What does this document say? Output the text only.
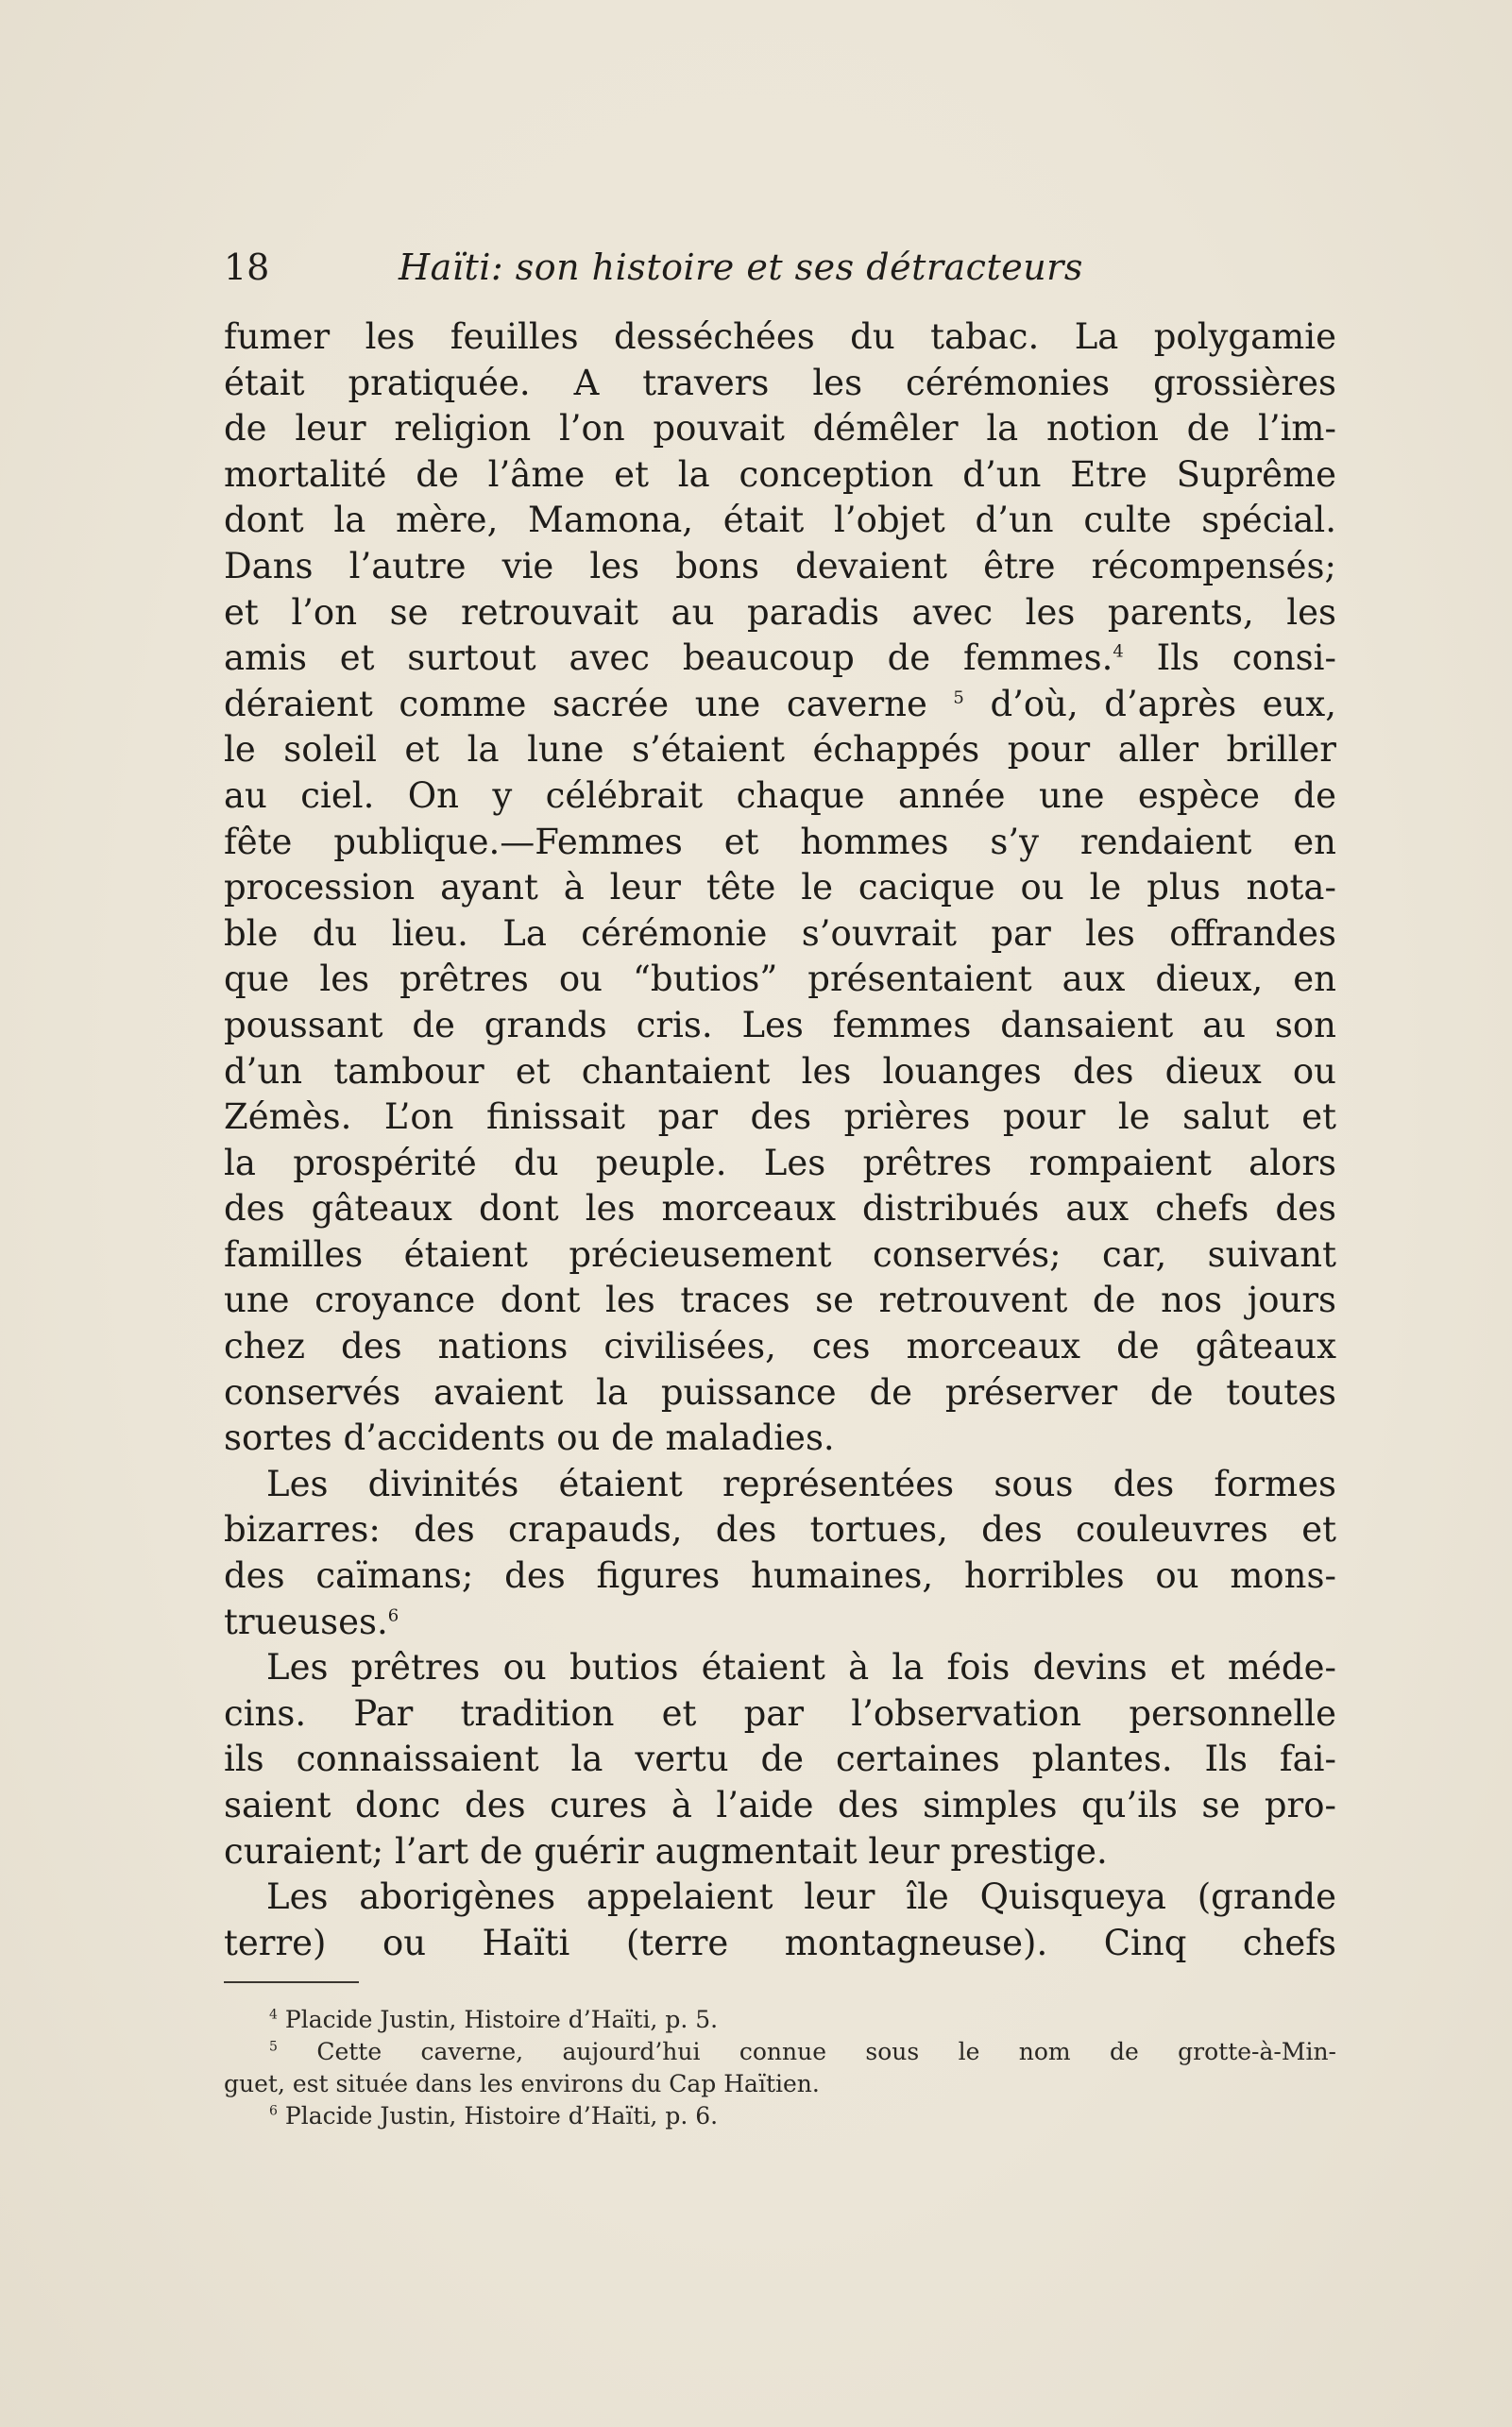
18	Haïti: son histoire et ses détracteurs
fumer les feuilles desséchées du tabac. La polygamie
était pratiquée. A travers les cérémonies grossières
de leur religion l’on pouvait démêler la notion de l’im-
mortalité de l’âme et la conception d’un Etre Suprême
dont la mère, Mamona, était l’objet d’un culte spécial.
Dans l’autre vie les bons devaient être récompensés;
et l’on se retrouvait au paradis avec les parents, les
amis et surtout avec beaucoup de femmes.$^4$ Ils consi-
déraient comme sacrée une caverne $^5$ d’où, d’après eux,
le soleil et la lune s’étaient échappés pour aller briller
au ciel. On y célébrait chaque année une espèce de
fête publique.—Femmes et hommes s’y rendaient en
procession ayant à leur tête le cacique ou le plus nota-
ble du lieu. La cérémonie s’ouvrait par les offrandes
que les prêtres ou “butios” présentaient aux dieux, en
poussant de grands cris. Les femmes dansaient au son
d’un tambour et chantaient les louanges des dieux ou
Zémès. L’on finissait par des prières pour le salut et
la prospérité du peuple. Les prêtres rompaient alors
des gâteaux dont les morceaux distribués aux chefs des
familles étaient précieusement conservés; car, suivant
une croyance dont les traces se retrouvent de nos jours
chez des nations civilisées, ces morceaux de gâteaux
conservés avaient la puissance de préserver de toutes
sortes d’accidents ou de maladies.
Les divinités étaient représentées sous des formes
bizarres: des crapauds, des tortues, des couleuvres et
des caïmans; des figures humaines, horribles ou mons-
trueuses.$^6$
Les prêtres ou butios étaient à la fois devins et méde-
cins. Par tradition et par l’observation personnelle
ils connaissaient la vertu de certaines plantes. Ils fai-
saient donc des cures à l’aide des simples qu’ils se pro-
curaient; l’art de guérir augmentait leur prestige.
Les aborigènes appelaient leur île Quisqueya (grande
terre) ou Haïti (terre montagneuse). Cinq chefs
$^4$ Placide Justin, Histoire d’Haïti, p. 5.
$^5$ Cette caverne, aujourd’hui connue sous le nom de grotte-à-Min-
guet, est située dans les environs du Cap Haïtien.
$^6$ Placide Justin, Histoire d’Haïti, p. 6.
